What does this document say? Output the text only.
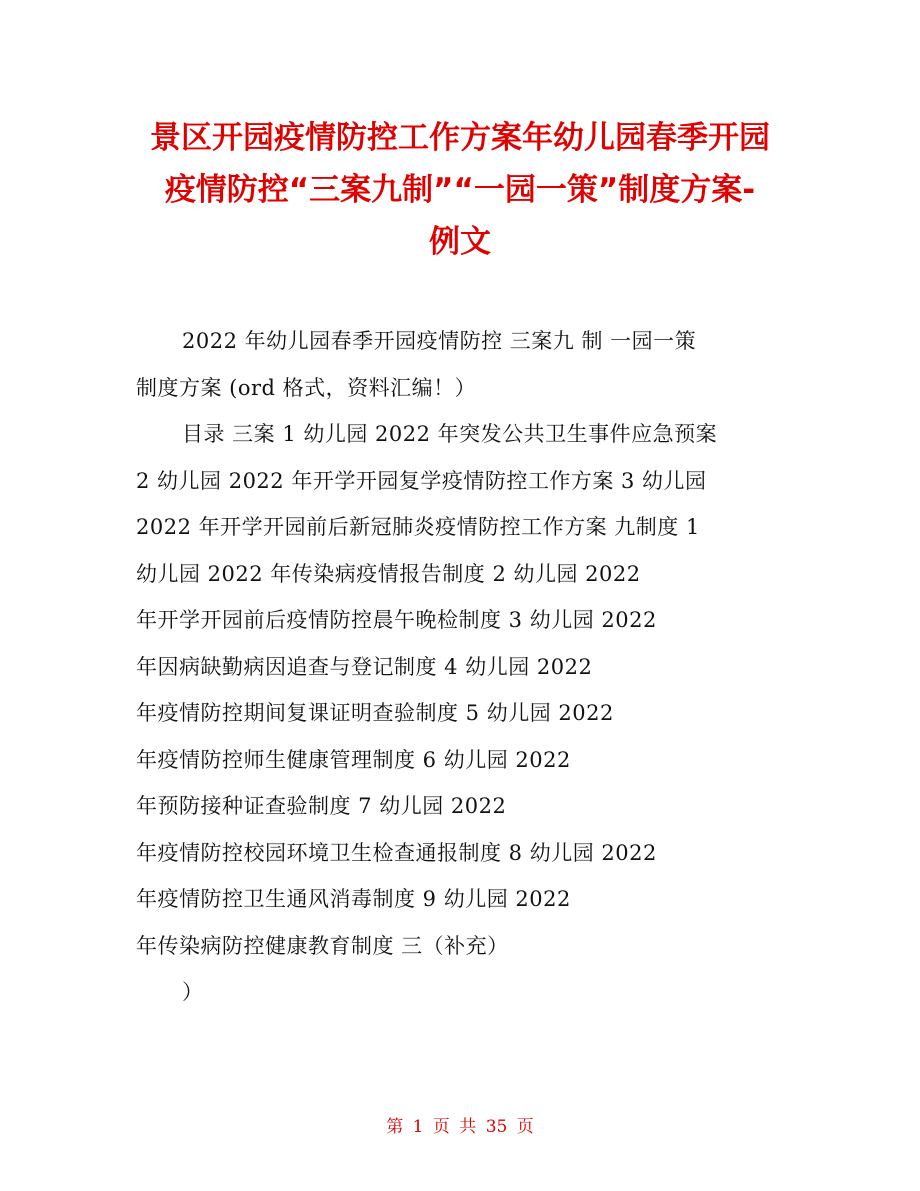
景区开园疫情防控工作方案年幼儿园春季开园
疫情防控“三案九制”“一园一策”制度方案-
例文
2022 年幼儿园春季开园疫情防控 三案九 制 一园一策
制度方案 (ord 格式，资料汇编！）
目录 三案 1 幼儿园 2022 年突发公共卫生事件应急预案
2 幼儿园 2022 年开学开园复学疫情防控工作方案 3 幼儿园
2022 年开学开园前后新冠肺炎疫情防控工作方案 九制度 1
幼儿园 2022 年传染病疫情报告制度 2 幼儿园 2022
年开学开园前后疫情防控晨午晚检制度 3 幼儿园 2022
年因病缺勤病因追查与登记制度 4 幼儿园 2022
年疫情防控期间复课证明查验制度 5 幼儿园 2022
年疫情防控师生健康管理制度 6 幼儿园 2022
年预防接种证查验制度 7 幼儿园 2022
年疫情防控校园环境卫生检查通报制度 8 幼儿园 2022
年疫情防控卫生通风消毒制度 9 幼儿园 2022
年传染病防控健康教育制度 三（补充）
）
第 1 页 共 35 页
